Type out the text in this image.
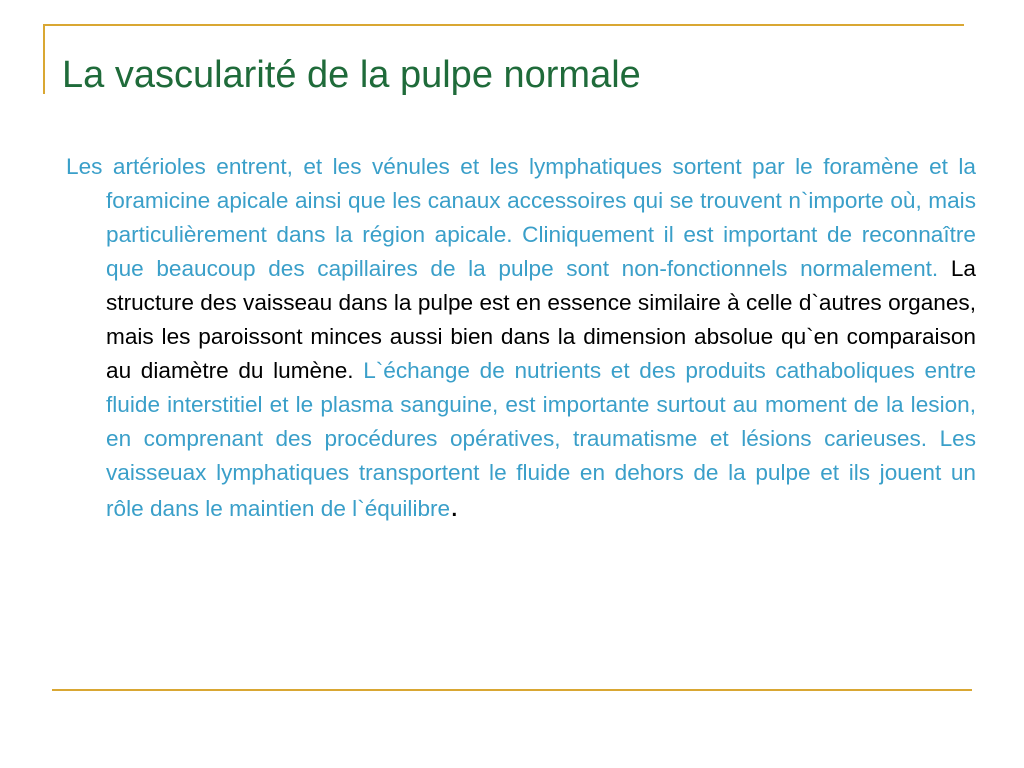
La vascularité de la pulpe normale

Les artérioles entrent, et les vénules et les lymphatiques sortent par le foramène et la foramicine apicale ainsi que les canaux accessoires qui se trouvent n`importe où, mais particulièrement dans la région apicale. Cliniquement il est important de reconnaître que beaucoup des capillaires de la pulpe sont non-fonctionnels normalement. La structure des vaisseau dans la pulpe est en essence similaire à celle d`autres organes, mais les paroissont minces aussi bien dans la dimension absolue qu`en comparaison au diamètre du lumène. L`échange de nutrients et des produits cathaboliques entre fluide interstitiel et le plasma sanguine, est importante surtout au moment de la lesion, en comprenant des procédures opératives, traumatisme et lésions carieuses. Les vaisseuax lymphatiques transportent le fluide en dehors de la pulpe et ils jouent un rôle dans le maintien de l`équilibre.
